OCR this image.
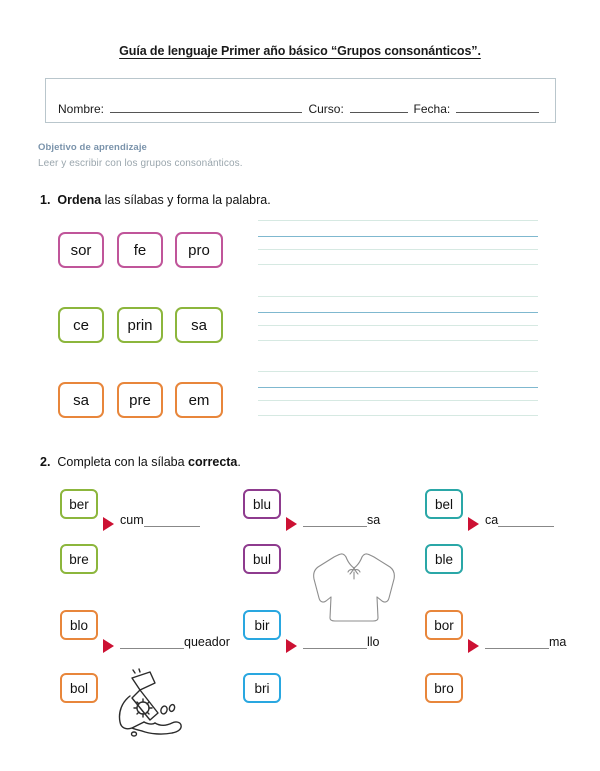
Guía de lenguaje Primer año básico “Grupos consonánticos”.
Nombre:	Curso:	Fecha:
Objetivo de aprendizaje
Leer y escribir con los grupos consonánticos.
1. Ordena las sílabas y forma la palabra.
sor	fe	pro
ce	prin	sa
sa	pre	em
2. Completa con la sílaba correcta.
ber
bre
cum
blu
bul
sa
bel
ble
ca
blo
bol
queador
bir
bri
llo
bor
bro
ma
